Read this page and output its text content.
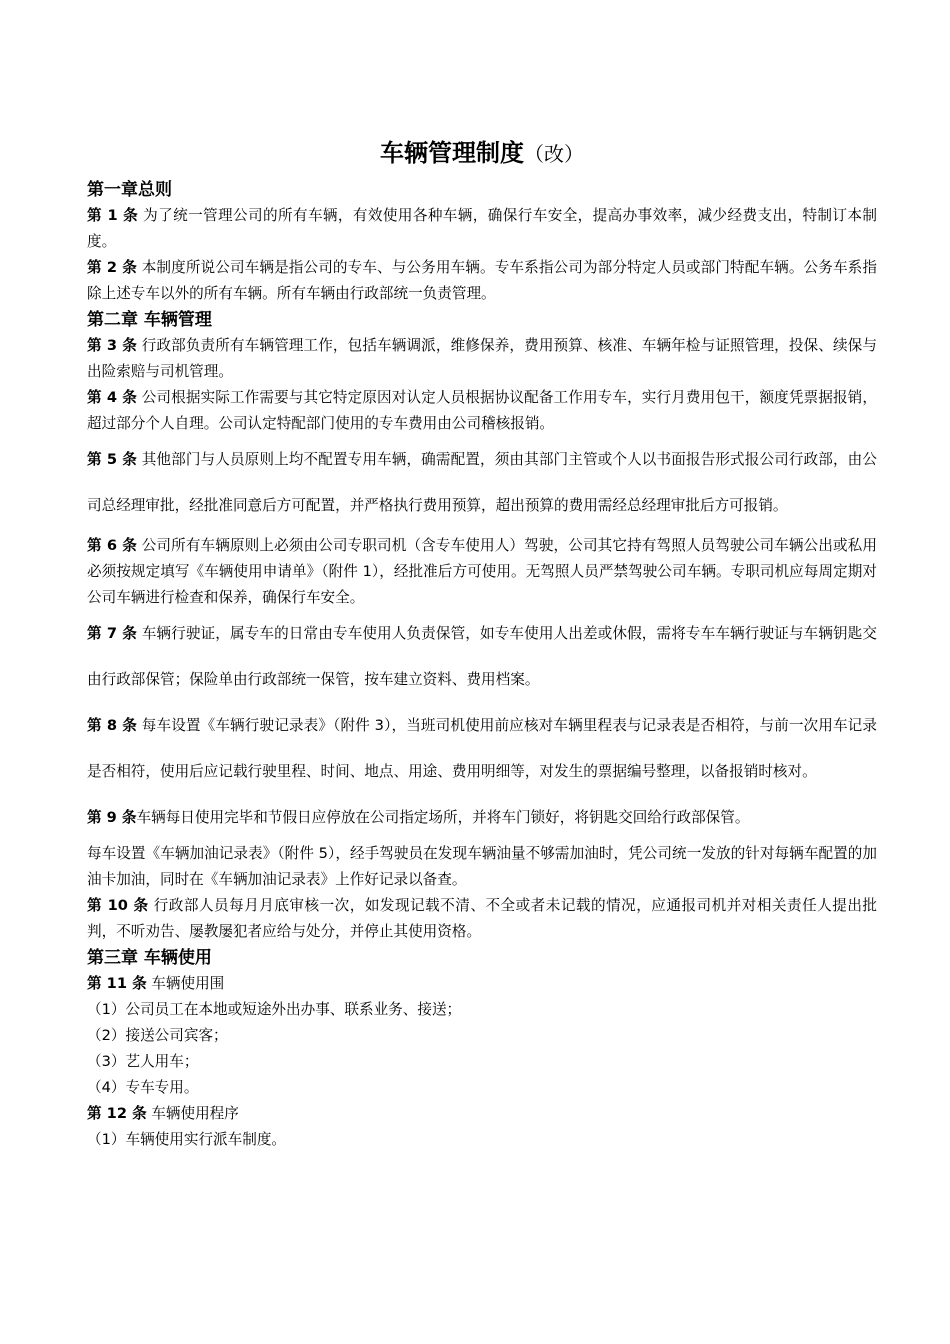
车辆管理制度（改）
第一章总则

第 1 条 为了统一管理公司的所有车辆，有效使用各种车辆，确保行车安全，提高办事效率，减少经费支出，特制订本制度。

第 2 条 本制度所说公司车辆是指公司的专车、与公务用车辆。专车系指公司为部分特定人员或部门特配车辆。公务车系指除上述专车以外的所有车辆。所有车辆由行政部统一负责管理。

第二章 车辆管理

第 3 条 行政部负责所有车辆管理工作，包括车辆调派，维修保养，费用预算、核准、车辆年检与证照管理，投保、续保与出险索赔与司机管理。

第 4 条 公司根据实际工作需要与其它特定原因对认定人员根据协议配备工作用专车，实行月费用包干，额度凭票据报销，超过部分个人自理。公司认定特配部门使用的专车费用由公司稽核报销。

第 5 条 其他部门与人员原则上均不配置专用车辆，确需配置，须由其部门主管或个人以书面报告形式报公司行政部，由公司总经理审批，经批准同意后方可配置，并严格执行费用预算，超出预算的费用需经总经理审批后方可报销。

第 6 条 公司所有车辆原则上必须由公司专职司机（含专车使用人）驾驶，公司其它持有驾照人员驾驶公司车辆公出或私用必须按规定填写《车辆使用申请单》（附件 1），经批准后方可使用。无驾照人员严禁驾驶公司车辆。专职司机应每周定期对公司车辆进行检查和保养，确保行车安全。

第 7 条 车辆行驶证，属专车的日常由专车使用人负责保管，如专车使用人出差或休假，需将专车车辆行驶证与车辆钥匙交由行政部保管；保险单由行政部统一保管，按车建立资料、费用档案。

第 8 条 每车设置《车辆行驶记录表》（附件 3），当班司机使用前应核对车辆里程表与记录表是否相符，与前一次用车记录是否相符，使用后应记载行驶里程、时间、地点、用途、费用明细等，对发生的票据编号整理，以备报销时核对。

第 9 条车辆每日使用完毕和节假日应停放在公司指定场所，并将车门锁好，将钥匙交回给行政部保管。

每车设置《车辆加油记录表》（附件 5），经手驾驶员在发现车辆油量不够需加油时，凭公司统一发放的针对每辆车配置的加油卡加油，同时在《车辆加油记录表》上作好记录以备查。

第 10 条 行政部人员每月月底审核一次，如发现记载不清、不全或者未记载的情况，应通报司机并对相关责任人提出批判，不听劝告、屡教屡犯者应给与处分，并停止其使用资格。

第三章 车辆使用

第 11 条 车辆使用围

（1）公司员工在本地或短途外出办事、联系业务、接送；

（2）接送公司宾客；

（3）艺人用车；

（4）专车专用。

第 12 条 车辆使用程序

（1）车辆使用实行派车制度。
